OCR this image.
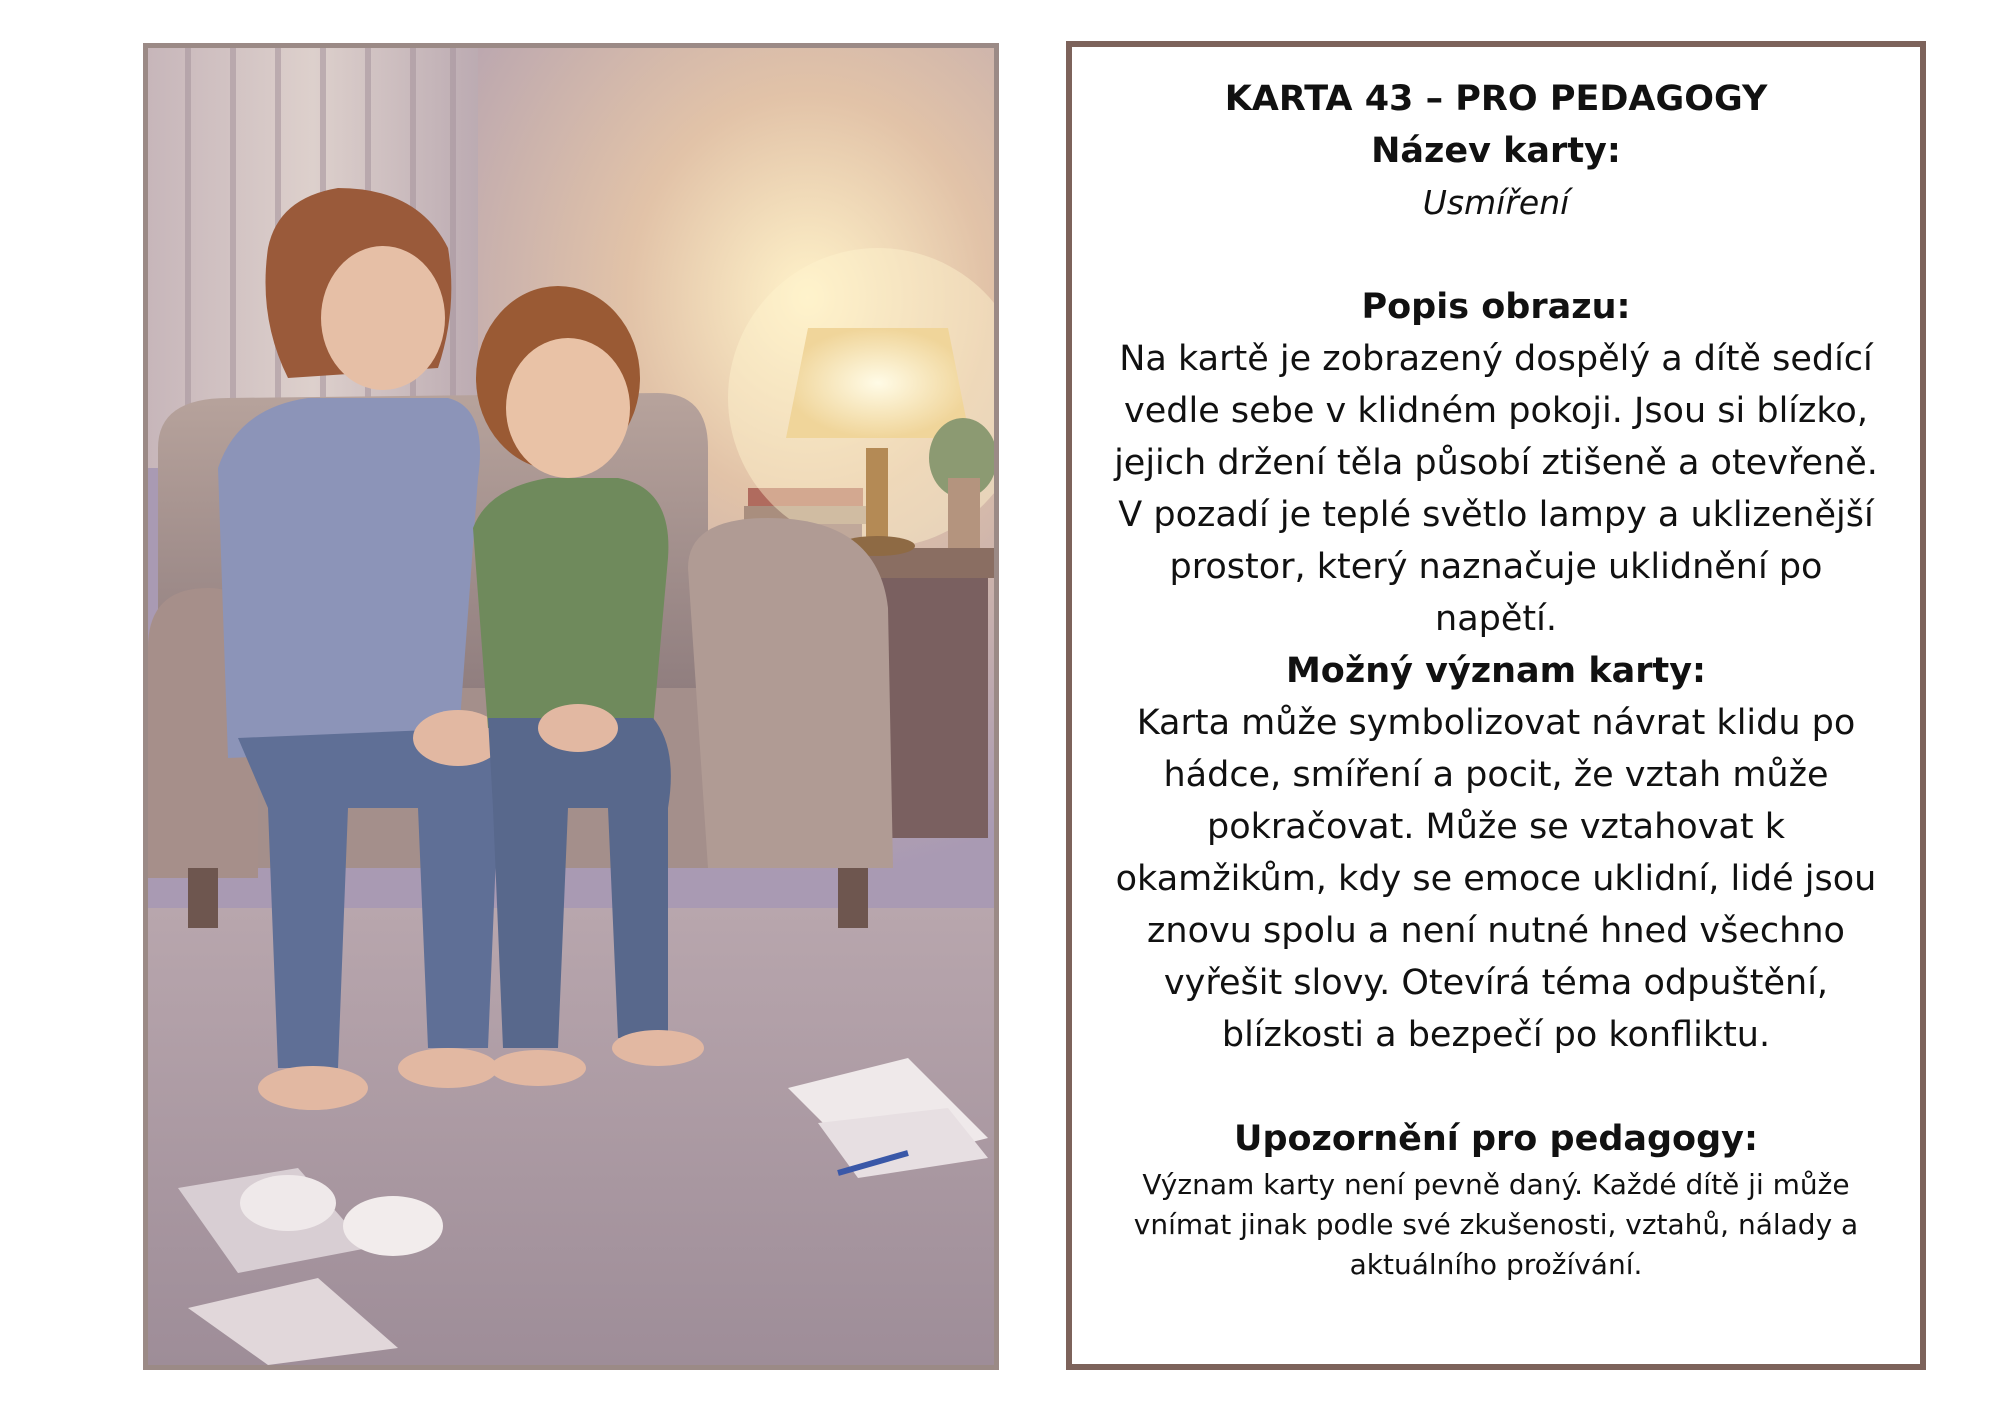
KARTA 43 – PRO PEDAGOGY

Název karty:

Usmíření

Popis obrazu:

Na kartě je zobrazený dospělý a dítě sedící vedle sebe v klidném pokoji. Jsou si blízko, jejich držení těla působí ztišeně a otevřeně. V pozadí je teplé světlo lampy a uklizenější prostor, který naznačuje uklidnění po napětí.

Možný význam karty:

Karta může symbolizovat návrat klidu po hádce, smíření a pocit, že vztah může pokračovat. Může se vztahovat k okamžikům, kdy se emoce uklidní, lidé jsou znovu spolu a není nutné hned všechno vyřešit slovy. Otevírá téma odpuštění, blízkosti a bezpečí po konfliktu.

Upozornění pro pedagogy:

Význam karty není pevně daný. Každé dítě ji může vnímat jinak podle své zkušenosti, vztahů, nálady a aktuálního prožívání.
